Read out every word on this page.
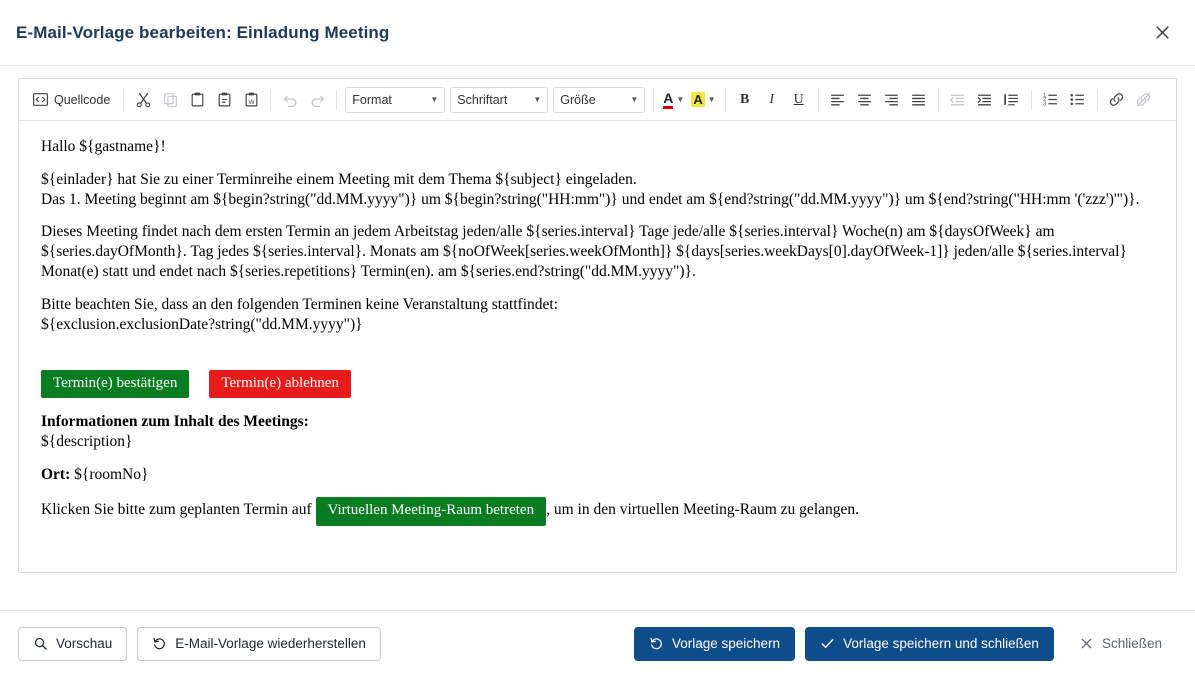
E-Mail-Vorlage bearbeiten: Einladung Meeting
Quellcode	W	Format	▼ Schriftart	▼ Größe	▼ A ▼ A ▼ B I U	1
2
3

Hallo ${gastname}!

${einlader} hat Sie zu einer Terminreihe einem Meeting mit dem Thema ${subject} eingeladen.
Das 1. Meeting beginnt am ${begin?string("dd.MM.yyyy")} um ${begin?string("HH:mm")} und endet am ${end?string("dd.MM.yyyy")} um ${end?string("HH:mm '('zzz')'")}.

Dieses Meeting findet nach dem ersten Termin an jedem Arbeitstag jeden/alle ${series.interval} Tage jede/alle ${series.interval} Woche(n) am ${daysOfWeek} am
${series.dayOfMonth}. Tag jedes ${series.interval}. Monats am ${noOfWeek[series.weekOfMonth]} ${days[series.weekDays[0].dayOfWeek-1]} jeden/alle ${series.interval}
Monat(e) statt und endet nach ${series.repetitions} Termin(en). am ${series.end?string("dd.MM.yyyy")}.

Bitte beachten Sie, dass an den folgenden Terminen keine Veranstaltung stattfindet:
${exclusion.exclusionDate?string("dd.MM.yyyy")}

Termin(e) bestätigen	Termin(e) ablehnen

Informationen zum Inhalt des Meetings:
${description}

Ort: ${roomNo}

Klicken Sie bitte zum geplanten Termin auf Virtuellen Meeting-Raum betreten , um in den virtuellen Meeting-Raum zu gelangen.

Vorschau	E-Mail-Vorlage wiederherstellen	Vorlage speichern	Vorlage speichern und schließen	Schließen
